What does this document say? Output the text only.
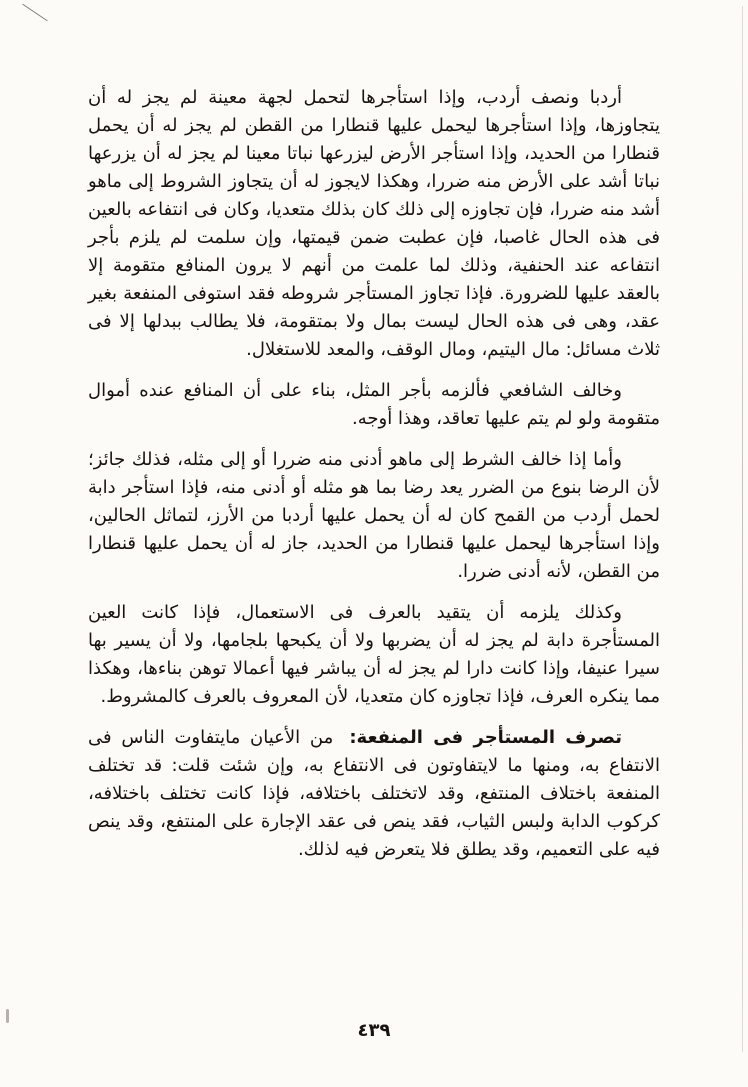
أردبا ونصف أردب، وإذا استأجرها لتحمل لجهة معينة لم يجز له أن يتجاوزها، وإذا استأجرها ليحمل عليها قنطارا من القطن لم يجز له أن يحمل قنطارا من الحديد، وإذا استأجر الأرض ليزرعها نباتا معينا لم يجز له أن يزرعها نباتا أشد على الأرض منه ضررا، وهكذا لايجوز له أن يتجاوز الشروط إلى ماهو أشد منه ضررا، فإن تجاوزه إلى ذلك كان بذلك متعديا، وكان فى انتفاعه بالعين فى هذه الحال غاصبا، فإن عطبت ضمن قيمتها، وإن سلمت لم يلزم بأجر انتفاعه عند الحنفية، وذلك لما علمت من أنهم لا يرون المنافع متقومة إلا بالعقد عليها للضرورة. فإذا تجاوز المستأجر شروطه فقد استوفى المنفعة بغير عقد، وهى فى هذه الحال ليست بمال ولا بمتقومة، فلا يطالب ببدلها إلا فى ثلاث مسائل: مال اليتيم، ومال الوقف، والمعد للاستغلال.

وخالف الشافعي فألزمه بأجر المثل، بناء على أن المنافع عنده أموال متقومة ولو لم يتم عليها تعاقد، وهذا أوجه.

وأما إذا خالف الشرط إلى ماهو أدنى منه ضررا أو إلى مثله، فذلك جائز؛ لأن الرضا بنوع من الضرر يعد رضا بما هو مثله أو أدنى منه، فإذا استأجر دابة لحمل أردب من القمح كان له أن يحمل عليها أردبا من الأرز، لتماثل الحالين، وإذا استأجرها ليحمل عليها قنطارا من الحديد، جاز له أن يحمل عليها قنطارا من القطن، لأنه أدنى ضررا.

وكذلك يلزمه أن يتقيد بالعرف فى الاستعمال، فإذا كانت العين المستأجرة دابة لم يجز له أن يضربها ولا أن يكبحها بلجامها، ولا أن يسير بها سيرا عنيفا، وإذا كانت دارا لم يجز له أن يباشر فيها أعمالا توهن بناءها، وهكذا مما ينكره العرف، فإذا تجاوزه كان متعديا، لأن المعروف بالعرف كالمشروط.

تصرف المستأجر فى المنفعة: من الأعيان مايتفاوت الناس فى الانتفاع به، ومنها ما لايتفاوتون فى الانتفاع به، وإن شئت قلت: قد تختلف المنفعة باختلاف المنتفع، وقد لاتختلف باختلافه، فإذا كانت تختلف باختلافه، كركوب الدابة ولبس الثياب، فقد ينص فى عقد الإجارة على المنتفع، وقد ينص فيه على التعميم، وقد يطلق فلا يتعرض فيه لذلك.

٤٣٩
